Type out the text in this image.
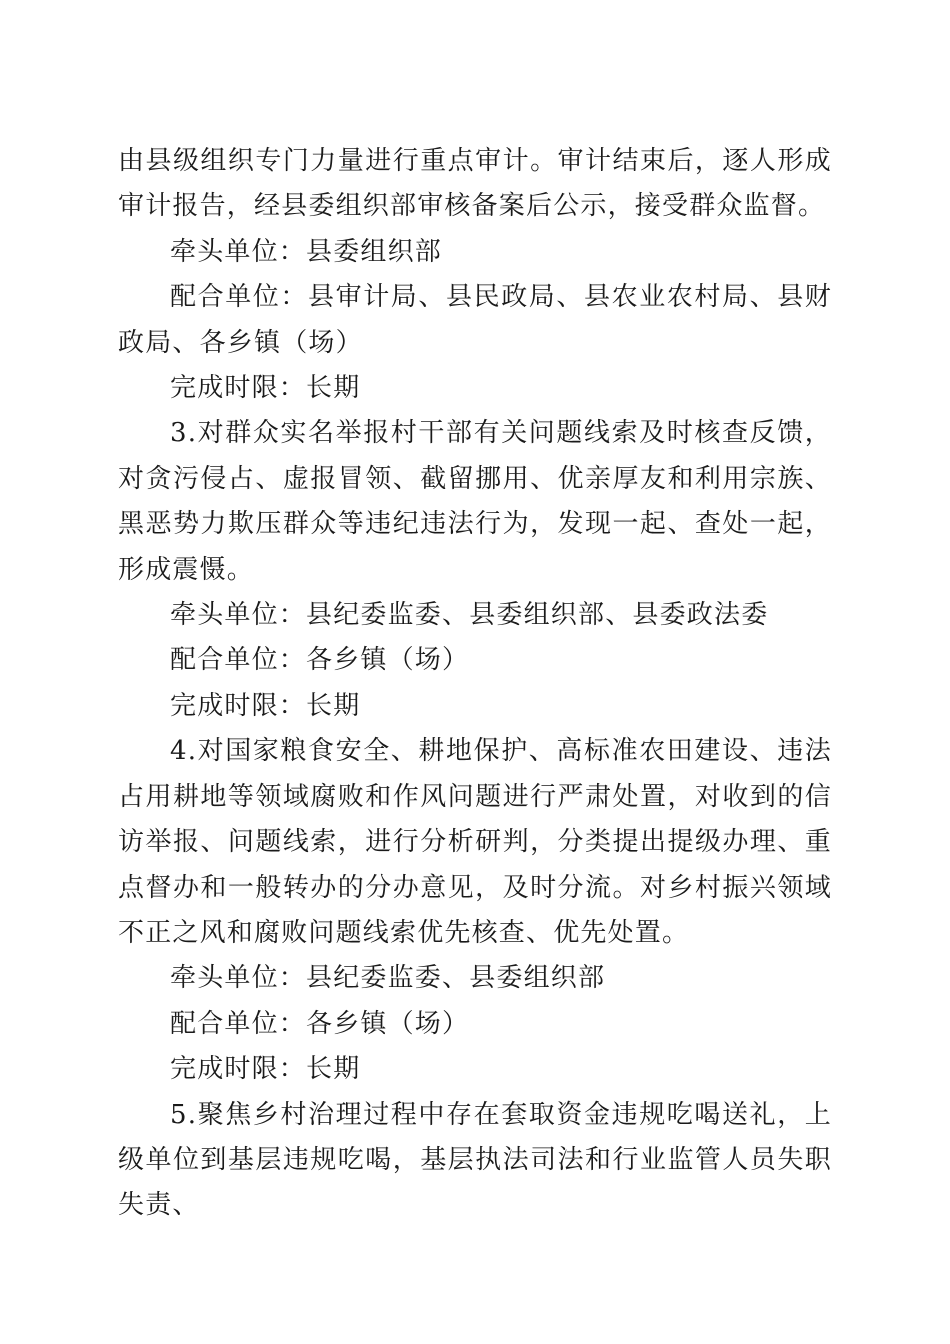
由县级组织专门力量进行重点审计。审计结束后，逐人形成审计报告，经县委组织部审核备案后公示，接受群众监督。

牵头单位：县委组织部

配合单位：县审计局、县民政局、县农业农村局、县财政局、各乡镇（场）

完成时限：长期

3.对群众实名举报村干部有关问题线索及时核查反馈，对贪污侵占、虚报冒领、截留挪用、优亲厚友和利用宗族、黑恶势力欺压群众等违纪违法行为，发现一起、查处一起，形成震慑。

牵头单位：县纪委监委、县委组织部、县委政法委

配合单位：各乡镇（场）

完成时限：长期

4.对国家粮食安全、耕地保护、高标准农田建设、违法占用耕地等领域腐败和作风问题进行严肃处置，对收到的信访举报、问题线索，进行分析研判，分类提出提级办理、重点督办和一般转办的分办意见，及时分流。对乡村振兴领域不正之风和腐败问题线索优先核查、优先处置。

牵头单位：县纪委监委、县委组织部

配合单位：各乡镇（场）

完成时限：长期

5.聚焦乡村治理过程中存在套取资金违规吃喝送礼，上级单位到基层违规吃喝，基层执法司法和行业监管人员失职失责、
